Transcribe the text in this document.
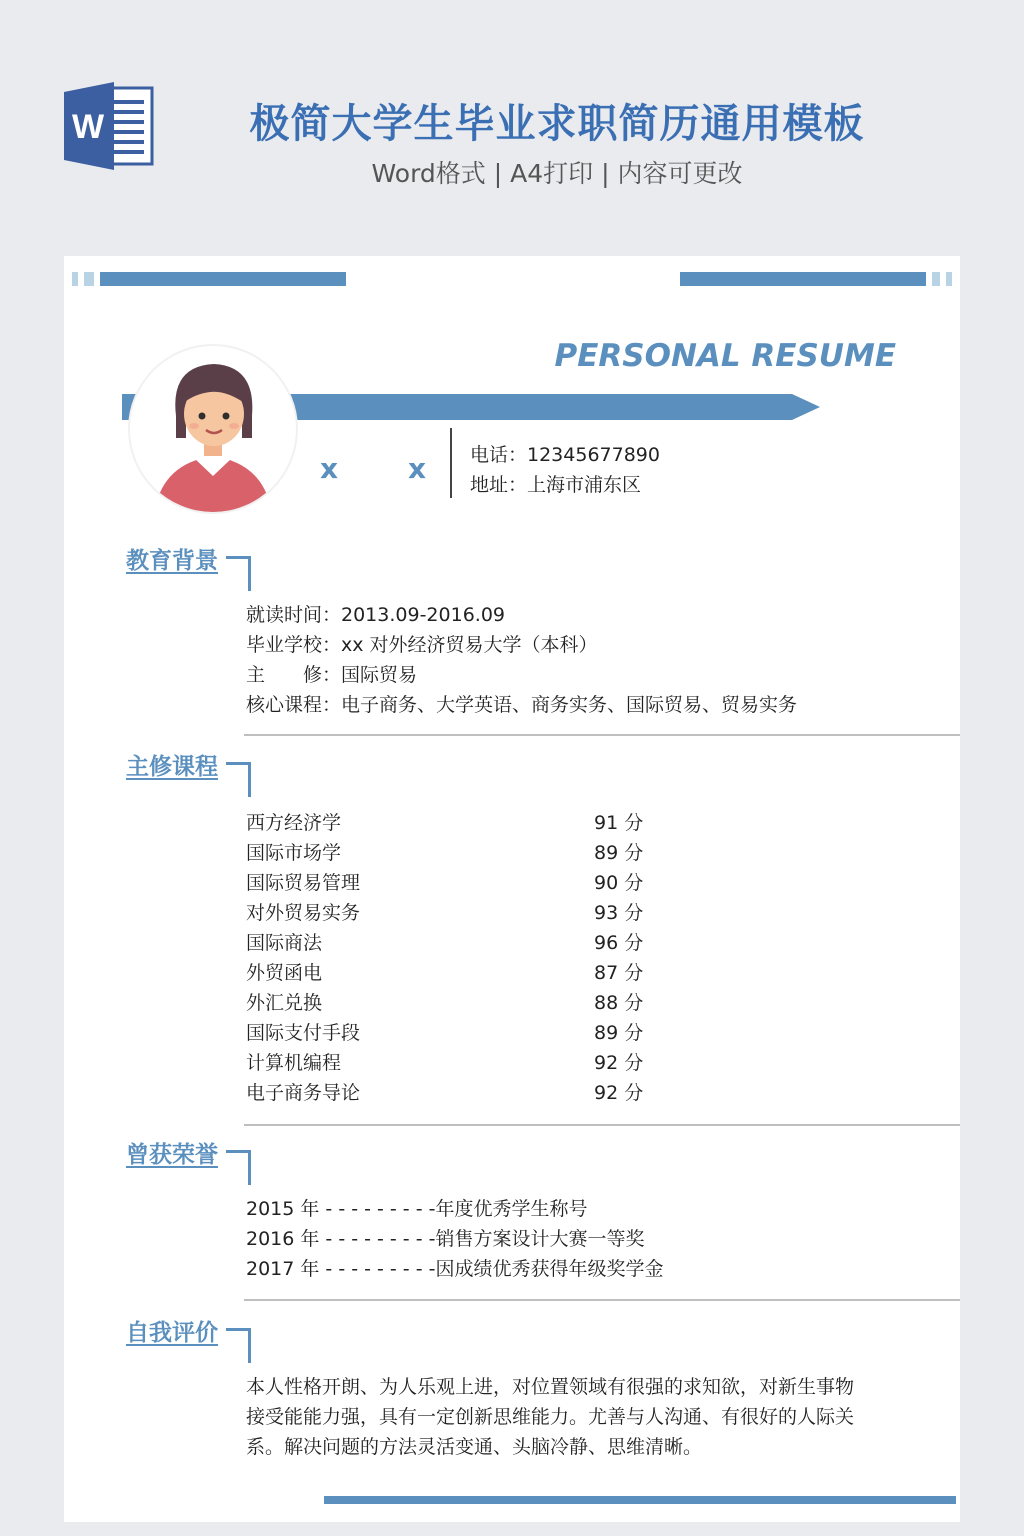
W	极简大学生毕业求职简历通用模板
Word格式 | A4打印 | 内容可更改
PERSONAL RESUME
x x 电话：12345677890
地址：上海市浦东区
教育背景
就读时间：2013.09-2016.09
毕业学校：xx 对外经济贸易大学（本科）
主　　修：国际贸易
核心课程：电子商务、大学英语、商务实务、国际贸易、贸易实务
主修课程
西方经济学	91 分
国际市场学	89 分
国际贸易管理	90 分
对外贸易实务	93 分
国际商法	96 分
外贸函电	87 分
外汇兑换	88 分
国际支付手段	89 分
计算机编程	92 分
电子商务导论	92 分
曾获荣誉
2015 年 - - - - - - - - -年度优秀学生称号
2016 年 - - - - - - - - -销售方案设计大赛一等奖
2017 年 - - - - - - - - -因成绩优秀获得年级奖学金
自我评价
本人性格开朗、为人乐观上进，对位置领域有很强的求知欲，对新生事物
接受能能力强，具有一定创新思维能力。尤善与人沟通、有很好的人际关
系。解决问题的方法灵活变通、头脑冷静、思维清晰。
